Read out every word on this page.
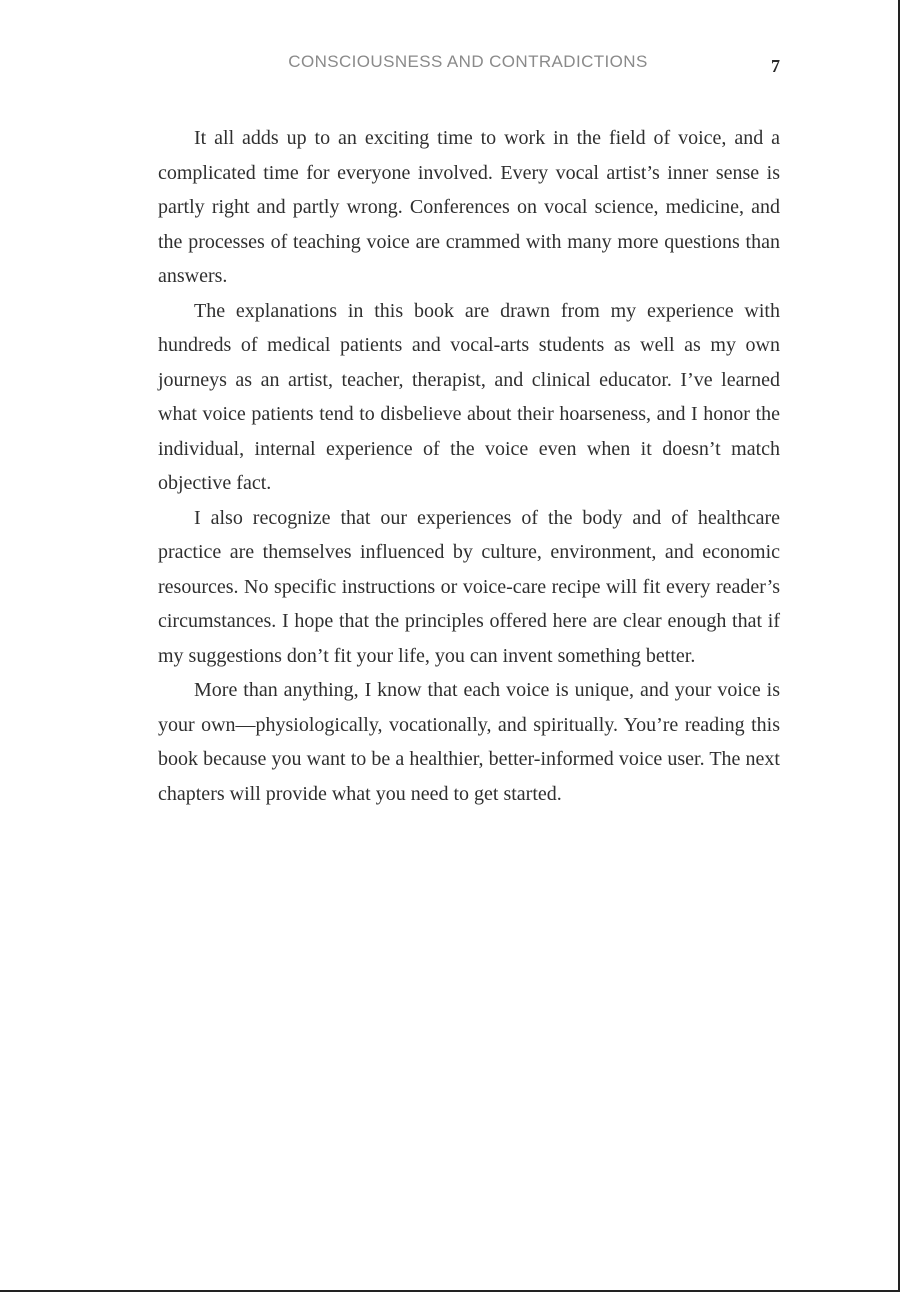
CONSCIOUSNESS AND CONTRADICTIONS	7

It all adds up to an exciting time to work in the field of voice, and a complicated time for everyone involved. Every vocal artist’s inner sense is partly right and partly wrong. Conferences on vocal science, medicine, and the processes of teaching voice are crammed with many more questions than answers.

The explanations in this book are drawn from my experience with hundreds of medical patients and vocal-arts students as well as my own journeys as an artist, teacher, therapist, and clinical educator. I’ve learned what voice patients tend to disbelieve about their hoarseness, and I honor the individual, internal experience of the voice even when it doesn’t match objective fact.

I also recognize that our experiences of the body and of healthcare practice are themselves influenced by culture, environment, and economic resources. No specific instructions or voice-care recipe will fit every reader’s circumstances. I hope that the principles offered here are clear enough that if my suggestions don’t fit your life, you can invent something better.

More than anything, I know that each voice is unique, and your voice is your own—physiologically, vocationally, and spiritually. You’re reading this book because you want to be a healthier, better-informed voice user. The next chapters will provide what you need to get started.
